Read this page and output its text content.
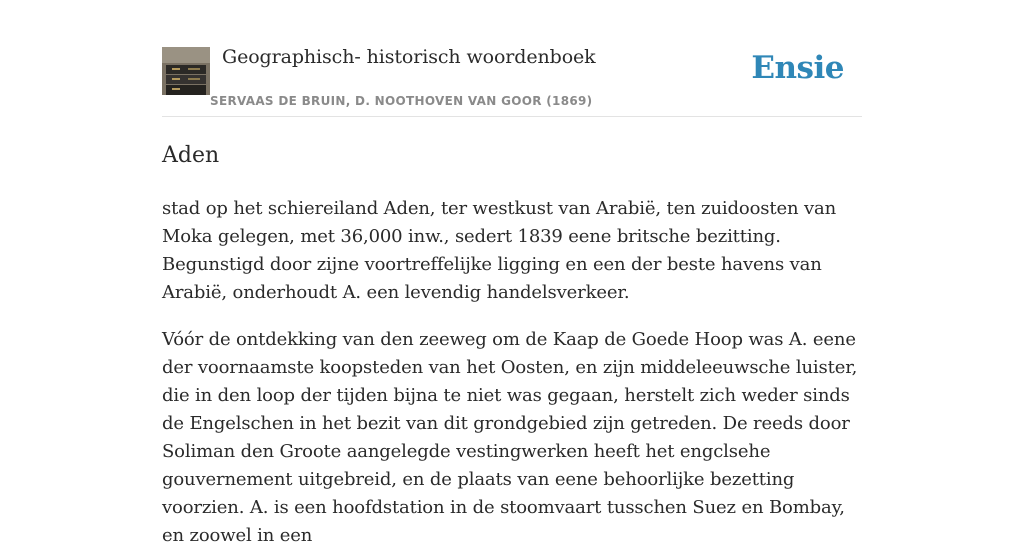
Geographisch- historisch woordenboek
SERVAAS DE BRUIN, D. NOOTHOVEN VAN GOOR (1869)
Ensie
Aden

stad op het schiereiland Aden, ter westkust van Arabië, ten zuidoosten van Moka gelegen, met 36,000 inw., sedert 1839 eene britsche bezitting. Begunstigd door zijne voortreffelijke ligging en een der beste havens van Arabië, onderhoudt A. een levendig handelsverkeer.

Vóór de ontdekking van den zeeweg om de Kaap de Goede Hoop was A. eene der voornaamste koopsteden van het Oosten, en zijn middeleeuwsche luister, die in den loop der tijden bijna te niet was gegaan, herstelt zich weder sinds de Engelschen in het bezit van dit grondgebied zijn getreden. De reeds door Soliman den Groote aangelegde vestingwerken heeft het engclsehe gouvernement uitgebreid, en de plaats van eene behoorlijke bezetting voorzien. A. is een hoofdstation in de stoomvaart tusschen Suez en Bombay, en zoowel in een
